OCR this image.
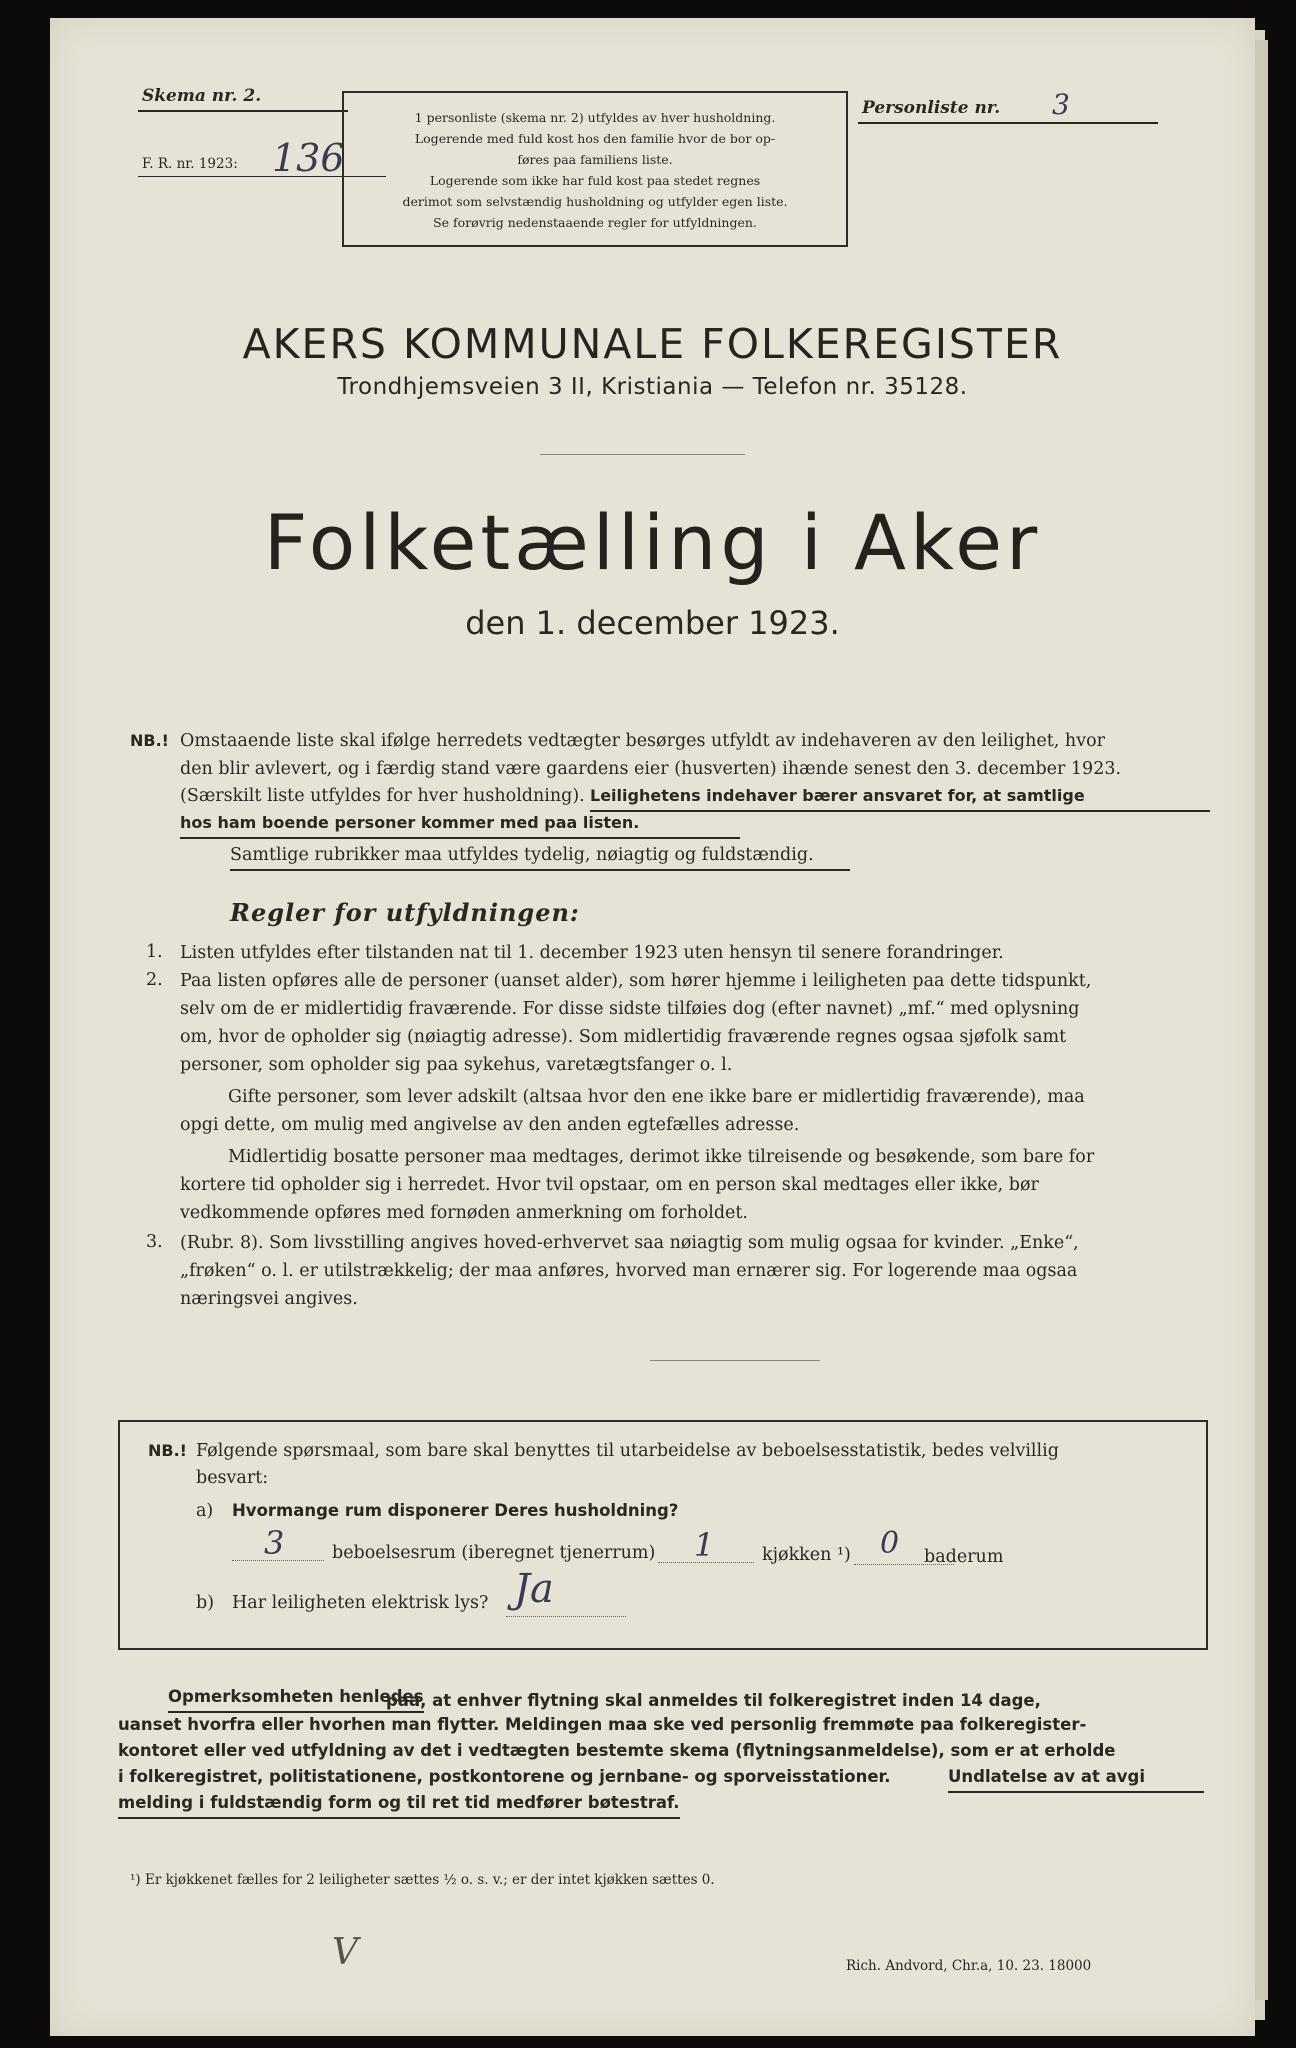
Skema nr. 2.
F. R. nr. 1923: 136
1 personliste (skema nr. 2) utfyldes av hver husholdning.
Logerende med fuld kost hos den familie hvor de bor op-
føres paa familiens liste.
Logerende som ikke har fuld kost paa stedet regnes
derimot som selvstændig husholdning og utfylder egen liste.
Se forøvrig nedenstaaende regler for utfyldningen.
Personliste nr. 3
AKERS KOMMUNALE FOLKEREGISTER
Trondhjemsveien 3 II, Kristiania — Telefon nr. 35128.
Folketælling i Aker
den 1. december 1923.
NB.! Omstaaende liste skal ifølge herredets vedtægter besørges utfyldt av indehaveren av den leilighet, hvor
den blir avlevert, og i færdig stand være gaardens eier (husverten) ihænde senest den 3. december 1923.
(Særskilt liste utfyldes for hver husholdning). Leilighetens indehaver bærer ansvaret for, at samtlige
hos ham boende personer kommer med paa listen.
Samtlige rubrikker maa utfyldes tydelig, nøiagtig og fuldstændig.
Regler for utfyldningen:
1. Listen utfyldes efter tilstanden nat til 1. december 1923 uten hensyn til senere forandringer.
2. Paa listen opføres alle de personer (uanset alder), som hører hjemme i leiligheten paa dette tidspunkt,
selv om de er midlertidig fraværende. For disse sidste tilføies dog (efter navnet) „mf.“ med oplysning
om, hvor de opholder sig (nøiagtig adresse). Som midlertidig fraværende regnes ogsaa sjøfolk samt
personer, som opholder sig paa sykehus, varetægtsfanger o. l.
Gifte personer, som lever adskilt (altsaa hvor den ene ikke bare er midlertidig fraværende), maa
opgi dette, om mulig med angivelse av den anden egtefælles adresse.
Midlertidig bosatte personer maa medtages, derimot ikke tilreisende og besøkende, som bare for
kortere tid opholder sig i herredet. Hvor tvil opstaar, om en person skal medtages eller ikke, bør
vedkommende opføres med fornøden anmerkning om forholdet.
3. (Rubr. 8). Som livsstilling angives hoved-erhvervet saa nøiagtig som mulig ogsaa for kvinder. „Enke“,
„frøken“ o. l. er utilstrækkelig; der maa anføres, hvorved man ernærer sig. For logerende maa ogsaa
næringsvei angives.
NB.! Følgende spørsmaal, som bare skal benyttes til utarbeidelse av beboelsesstatistik, bedes velvillig
besvart:
a) Hvormange rum disponerer Deres husholdning?
3	beboelsesrum (iberegnet tjenerrum) 1	kjøkken ¹) 0 baderum
b) Har leiligheten elektrisk lys? Ja
Opmerksomheten henledes
paa, at enhver flytning skal anmeldes til folkeregistret inden 14 dage,
uanset hvorfra eller hvorhen man flytter. Meldingen maa ske ved personlig fremmøte paa folkeregister-
kontoret eller ved utfyldning av det i vedtægten bestemte skema (flytningsanmeldelse), som er at erholde
i folkeregistret, politistationene, postkontorene og jernbane- og sporveisstationer.	Undlatelse av at avgi
melding i fuldstændig form og til ret tid medfører bøtestraf.
¹) Er kjøkkenet fælles for 2 leiligheter sættes ½ o. s. v.; er der intet kjøkken sættes 0.
V	Rich. Andvord, Chr.a, 10. 23. 18000
